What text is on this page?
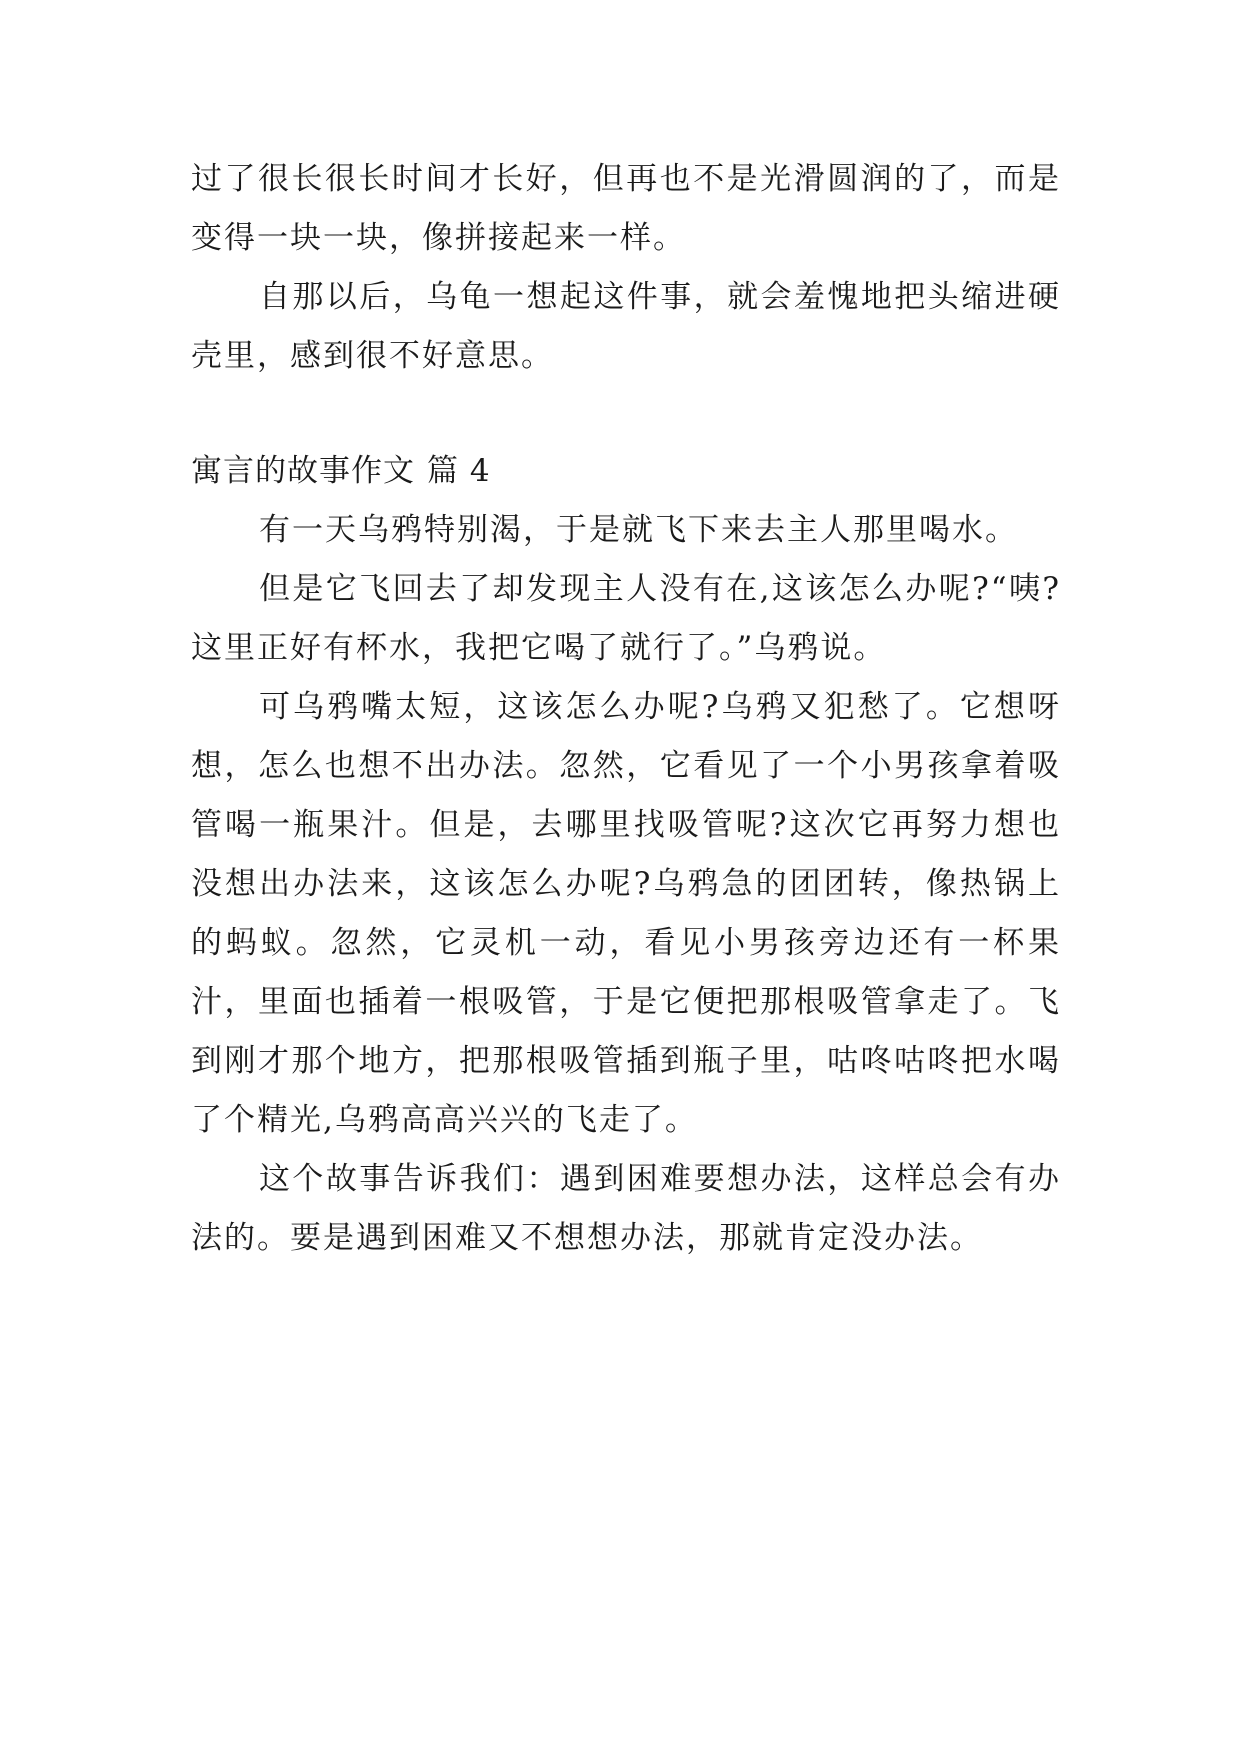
过了很长很长时间才长好，但再也不是光滑圆润的了，而是变得一块一块，像拼接起来一样。

自那以后，乌龟一想起这件事，就会羞愧地把头缩进硬壳里，感到很不好意思。

寓言的故事作文 篇 4

有一天乌鸦特别渴，于是就飞下来去主人那里喝水。

但是它飞回去了却发现主人没有在,这该怎么办呢?“咦?这里正好有杯水，我把它喝了就行了。”乌鸦说。

可乌鸦嘴太短，这该怎么办呢?乌鸦又犯愁了。它想呀想，怎么也想不出办法。忽然，它看见了一个小男孩拿着吸管喝一瓶果汁。但是，去哪里找吸管呢?这次它再努力想也没想出办法来，这该怎么办呢?乌鸦急的团团转，像热锅上的蚂蚁。忽然，它灵机一动，看见小男孩旁边还有一杯果汁，里面也插着一根吸管，于是它便把那根吸管拿走了。飞到刚才那个地方，把那根吸管插到瓶子里，咕咚咕咚把水喝了个精光,乌鸦高高兴兴的飞走了。

这个故事告诉我们：遇到困难要想办法，这样总会有办法的。要是遇到困难又不想想办法，那就肯定没办法。
